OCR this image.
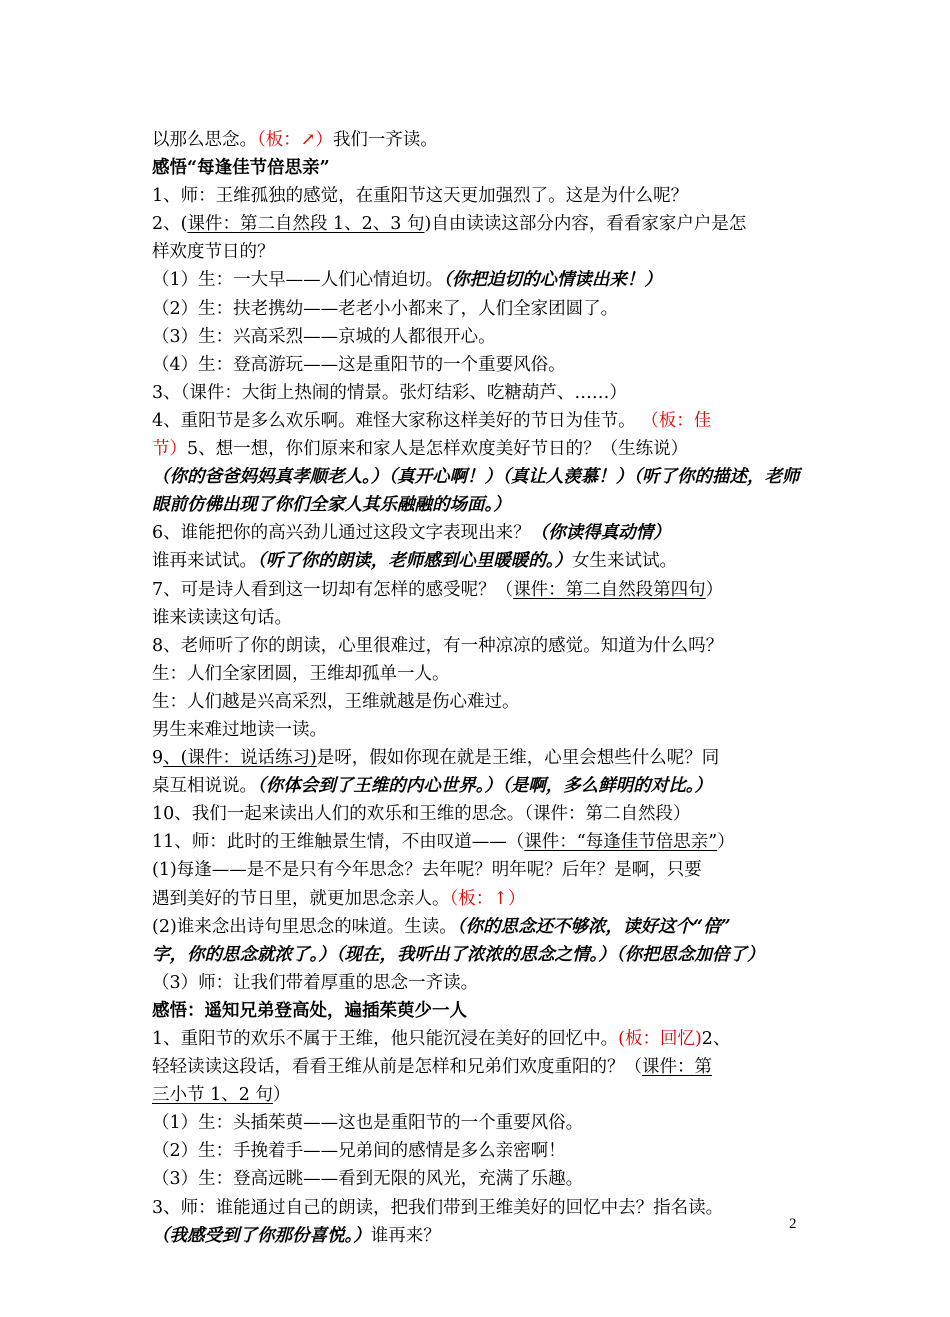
以那么思念。（板：↗）我们一齐读。
感悟“每逢佳节倍思亲”
1、师：王维孤独的感觉，在重阳节这天更加强烈了。这是为什么呢？
2、(课件：第二自然段 1、2、3 句)自由读读这部分内容，看看家家户户是怎
样欢度节日的？
（1）生：一大早——人们心情迫切。（你把迫切的心情读出来！）
（2）生：扶老携幼——老老小小都来了，人们全家团圆了。
（3）生：兴高采烈——京城的人都很开心。
（4）生：登高游玩——这是重阳节的一个重要风俗。
3、（课件：大街上热闹的情景。张灯结彩、吃糖葫芦、……）
4、重阳节是多么欢乐啊。难怪大家称这样美好的节日为佳节。 （板：佳
节）5、想一想，你们原来和家人是怎样欢度美好节日的？（生练说）
（你的爸爸妈妈真孝顺老人。）（真开心啊！）（真让人羡慕！）（听了你的描述，老师
眼前仿佛出现了你们全家人其乐融融的场面。）
6、谁能把你的高兴劲儿通过这段文字表现出来？（你读得真动情）
谁再来试试。（听了你的朗读，老师感到心里暖暖的。）女生来试试。
7、可是诗人看到这一切却有怎样的感受呢？（课件：第二自然段第四句）
谁来读读这句话。
8、老师听了你的朗读，心里很难过，有一种凉凉的感觉。知道为什么吗？
生：人们全家团圆，王维却孤单一人。
生：人们越是兴高采烈，王维就越是伤心难过。
男生来难过地读一读。
9、(课件：说话练习)是呀，假如你现在就是王维，心里会想些什么呢？同
桌互相说说。（你体会到了王维的内心世界。）（是啊，多么鲜明的对比。）
10、我们一起来读出人们的欢乐和王维的思念。（课件：第二自然段）
11、师：此时的王维触景生情，不由叹道——（课件：“每逢佳节倍思亲”）
(1)每逢——是不是只有今年思念？去年呢？明年呢？后年？是啊，只要
遇到美好的节日里，就更加思念亲人。（板：↑）
(2)谁来念出诗句里思念的味道。生读。（你的思念还不够浓，读好这个“倍”
字，你的思念就浓了。）（现在，我听出了浓浓的思念之情。）（你把思念加倍了）
（3）师：让我们带着厚重的思念一齐读。
感悟：遥知兄弟登高处，遍插茱萸少一人
1、重阳节的欢乐不属于王维，他只能沉浸在美好的回忆中。(板：回忆)2、
轻轻读读这段话，看看王维从前是怎样和兄弟们欢度重阳的？（课件：第
三小节 1、2 句）
（1）生：头插茱萸——这也是重阳节的一个重要风俗。
（2）生：手挽着手——兄弟间的感情是多么亲密啊！
（3）生：登高远眺——看到无限的风光，充满了乐趣。
3、师：谁能通过自己的朗读，把我们带到王维美好的回忆中去？指名读。
（我感受到了你那份喜悦。）谁再来？
2
